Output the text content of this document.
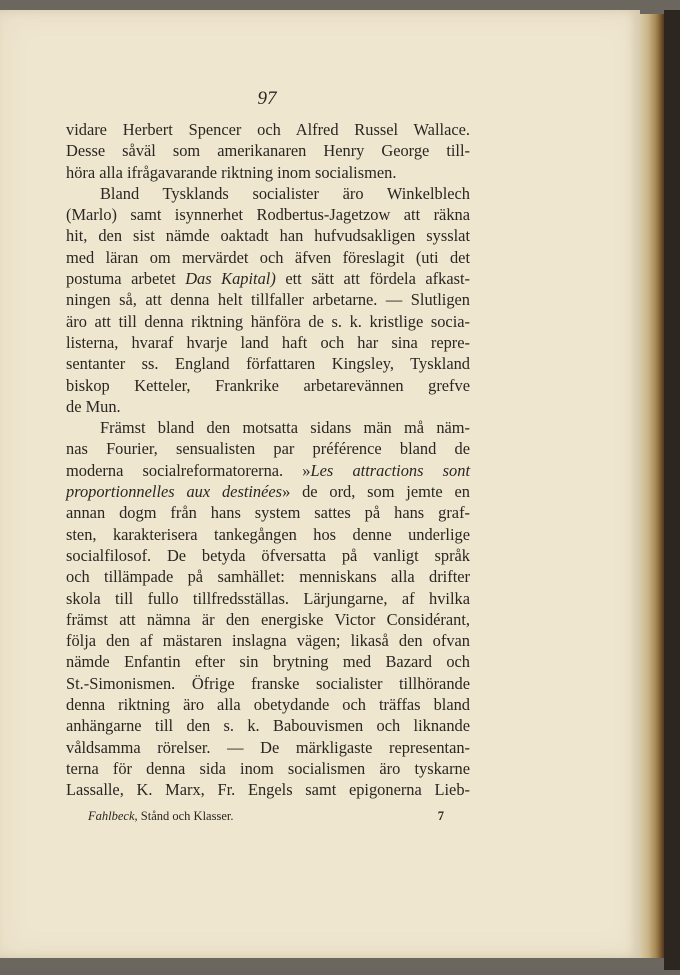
97
vidare Herbert Spencer och Alfred Russel Wallace.
Desse såväl som amerikanaren Henry George till-
höra alla ifrågavarande riktning inom socialismen.
Bland Tysklands socialister äro Winkelblech
(Marlo) samt isynnerhet Rodbertus-Jagetzow att räkna
hit, den sist nämde oaktadt han hufvudsakligen sysslat
med läran om mervärdet och äfven föreslagit (uti det
postuma arbetet Das Kapital) ett sätt att fördela afkast-
ningen så, att denna helt tillfaller arbetarne. — Slutligen
äro att till denna riktning hänföra de s. k. kristlige socia-
listerna, hvaraf hvarje land haft och har sina repre-
sentanter ss. England författaren Kingsley, Tyskland
biskop Ketteler, Frankrike arbetarevännen grefve
de Mun.
Främst bland den motsatta sidans män må näm-
nas Fourier, sensualisten par préférence bland de
moderna socialreformatorerna. »Les attractions sont
proportionnelles aux destinées» de ord, som jemte en
annan dogm från hans system sattes på hans graf-
sten, karakterisera tankegången hos denne underlige
socialfilosof. De betyda öfversatta på vanligt språk
och tillämpade på samhället: menniskans alla drifter
skola till fullo tillfredsställas. Lärjungarne, af hvilka
främst att nämna är den energiske Victor Considérant,
följa den af mästaren inslagna vägen; likaså den ofvan
nämde Enfantin efter sin brytning med Bazard och
St.-Simonismen. Öfrige franske socialister tillhörande
denna riktning äro alla obetydande och träffas bland
anhängarne till den s. k. Babouvismen och liknande
våldsamma rörelser. — De märkligaste representan-
terna för denna sida inom socialismen äro tyskarne
Lassalle, K. Marx, Fr. Engels samt epigonerna Lieb-
Fahlbeck, Stånd och Klasser.	7
